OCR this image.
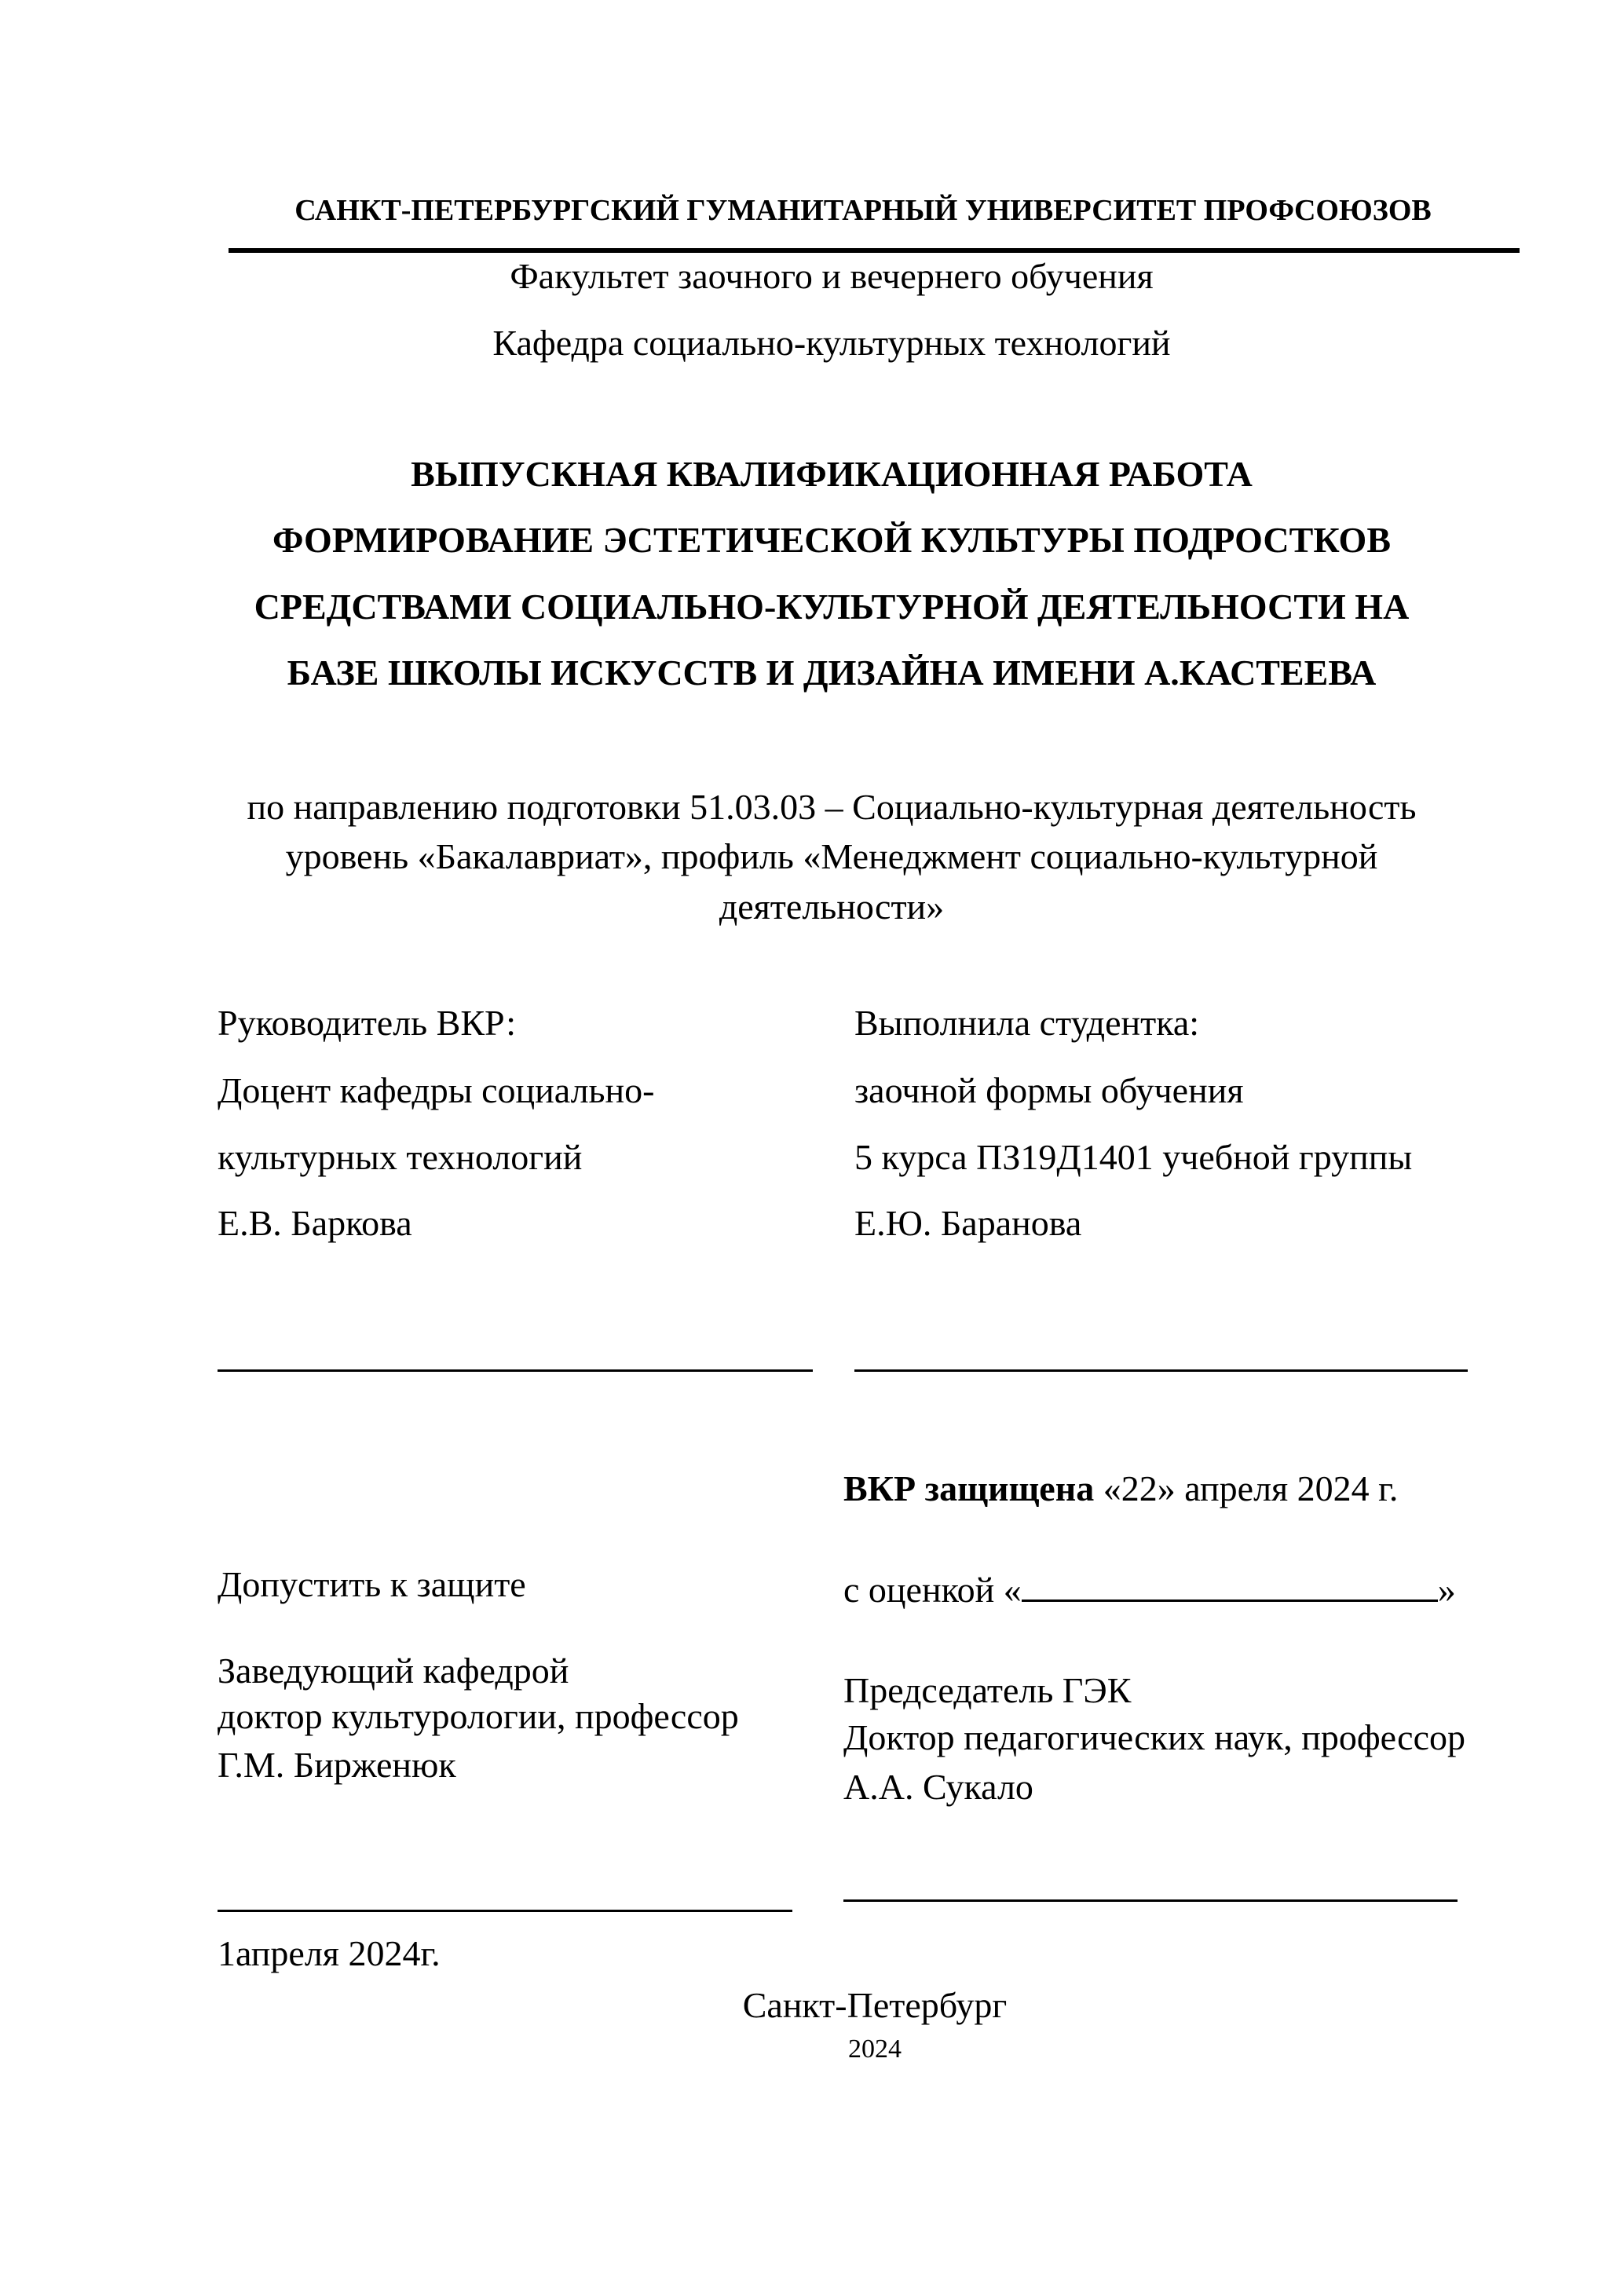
САНКТ-ПЕТЕРБУРГСКИЙ ГУМАНИТАРНЫЙ УНИВЕРСИТЕТ ПРОФСОЮЗОВ
Факультет заочного и вечернего обучения
Кафедра социально-культурных технологий
ВЫПУСКНАЯ КВАЛИФИКАЦИОННАЯ РАБОТА
ФОРМИРОВАНИЕ ЭСТЕТИЧЕСКОЙ КУЛЬТУРЫ ПОДРОСТКОВ
СРЕДСТВАМИ СОЦИАЛЬНО-КУЛЬТУРНОЙ ДЕЯТЕЛЬНОСТИ НА
БАЗЕ ШКОЛЫ ИСКУССТВ И ДИЗАЙНА ИМЕНИ А.КАСТЕЕВА
по направлению подготовки 51.03.03 – Социально-культурная деятельность
уровень «Бакалавриат», профиль «Менеджмент социально-культурной
деятельности»
Руководитель ВКР:
Доцент кафедры социально-
культурных технологий
Е.В. Баркова
Выполнила студентка:
заочной формы обучения
5 курса ПЗ19Д1401 учебной группы
Е.Ю. Баранова
ВКР защищена «22» апреля 2024 г.
Допустить к защите	с оценкой «	»
Заведующий кафедрой
доктор культурологии, профессор
Г.М. Бирженюк
Председатель ГЭК
Доктор педагогических наук, профессор
А.А. Сукало
1апреля 2024г.
Санкт-Петербург
2024
